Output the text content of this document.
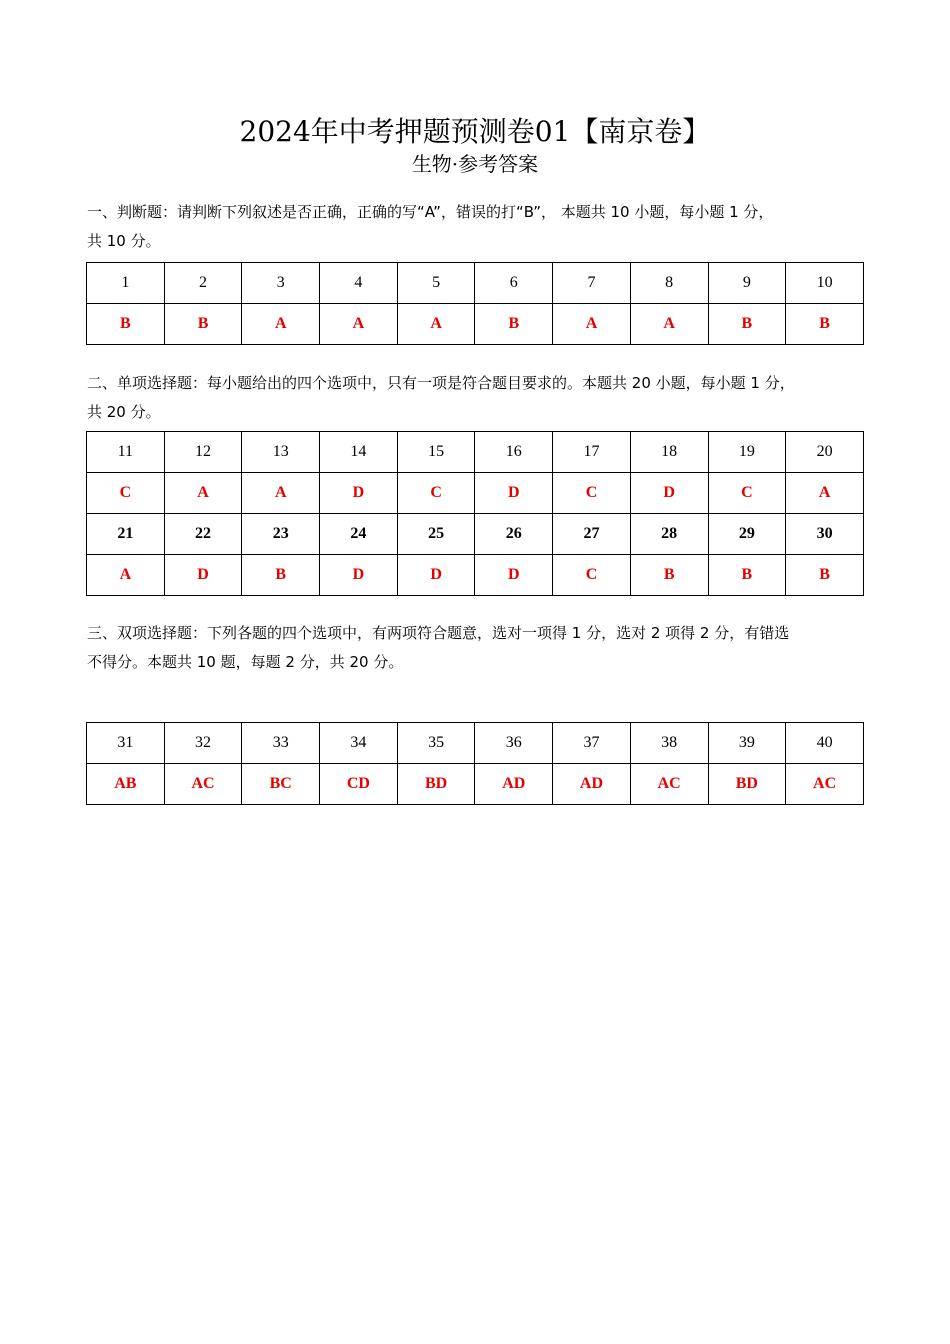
2024年中考押题预测卷01【南京卷】
生物·参考答案
一、判断题：请判断下列叙述是否正确，正确的写“A”，错误的打“B”， 本题共 10 小题，每小题 1 分，
共 10 分。
1	2	3	4	5	6	7	8	9	10
B	B	A	A	A	B	A	A	B	B
二、单项选择题：每小题给出的四个选项中，只有一项是符合题目要求的。本题共 20 小题，每小题 1 分，
共 20 分。
11	12	13	14	15	16	17	18	19	20
C	A	A	D	C	D	C	D	C	A
21	22	23	24	25	26	27	28	29	30
A	D	B	D	D	D	C	B	B	B
三、双项选择题：下列各题的四个选项中，有两项符合题意，选对一项得 1 分，选对 2 项得 2 分，有错选
不得分。本题共 10 题，每题 2 分，共 20 分。
31	32	33	34	35	36	37	38	39	40
AB	AC	BC	CD	BD	AD	AD	AC	BD	AC
